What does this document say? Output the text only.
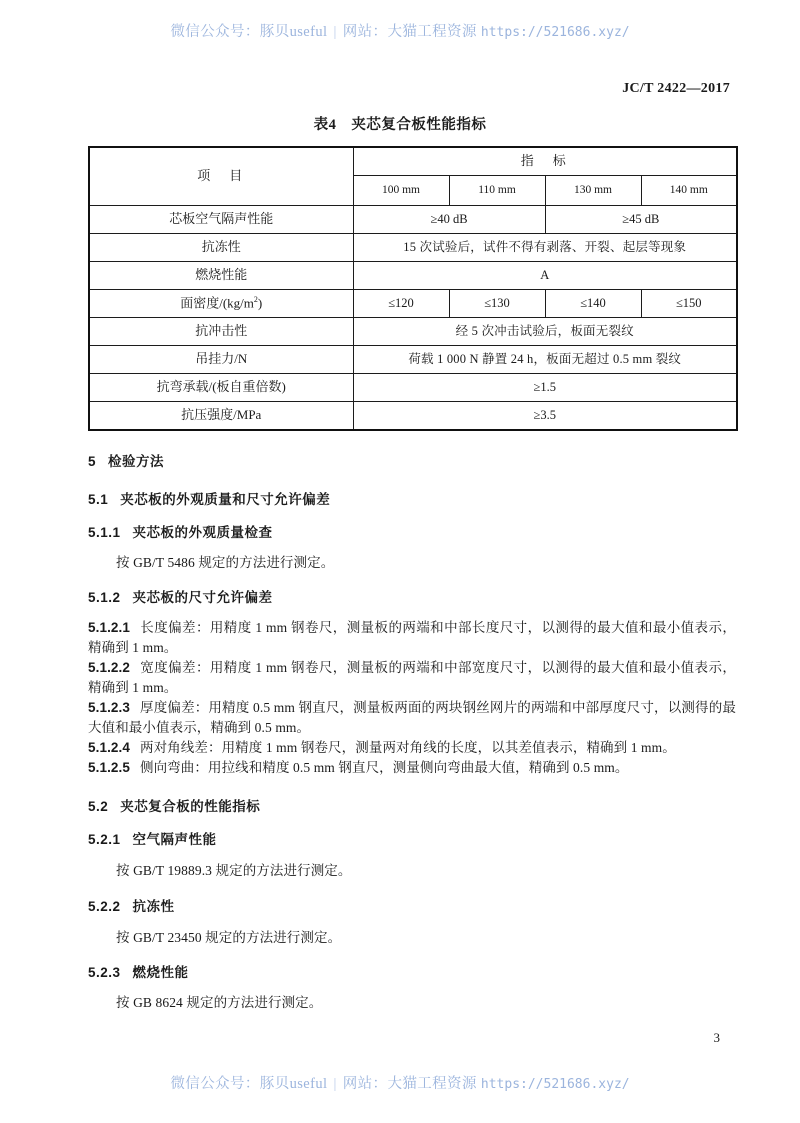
微信公众号：豚贝useful | 网站：大猫工程资源 https://521686.xyz/
JC/T 2422—2017
表4　夹芯复合板性能指标
项　目	指　标			
	100 mm	110 mm	130 mm	140 mm
芯板空气隔声性能	≥40 dB		≥45 dB	
抗冻性	15 次试验后，试件不得有剥落、开裂、起层等现象			
燃烧性能	A			
面密度$/(kg/m^2)$	≤120	≤130	≤140	≤150
抗冲击性	经 5 次冲击试验后，板面无裂纹			
吊挂力/N	荷载 1 000 N 静置 24 h，板面无超过 0.5 mm 裂纹			
抗弯承载/(板自重倍数)	≥1.5			
抗压强度/MPa	≥3.5			
5 检验方法
5.1 夹芯板的外观质量和尺寸允许偏差
5.1.1 夹芯板的外观质量检查
按 GB/T 5486 规定的方法进行测定。
5.1.2 夹芯板的尺寸允许偏差
5.1.2.1 长度偏差：用精度 1 mm 钢卷尺，测量板的两端和中部长度尺寸，以测得的最大值和最小值表示，精确到 1 mm。
5.1.2.2 宽度偏差：用精度 1 mm 钢卷尺，测量板的两端和中部宽度尺寸，以测得的最大值和最小值表示，精确到 1 mm。
5.1.2.3 厚度偏差：用精度 0.5 mm 钢直尺，测量板两面的两块钢丝网片的两端和中部厚度尺寸，以测得的最大值和最小值表示，精确到 0.5 mm。
5.1.2.4 两对角线差：用精度 1 mm 钢卷尺，测量两对角线的长度，以其差值表示，精确到 1 mm。
5.1.2.5 侧向弯曲：用拉线和精度 0.5 mm 钢直尺，测量侧向弯曲最大值，精确到 0.5 mm。
5.2 夹芯复合板的性能指标
5.2.1 空气隔声性能
按 GB/T 19889.3 规定的方法进行测定。
5.2.2 抗冻性
按 GB/T 23450 规定的方法进行测定。
5.2.3 燃烧性能
按 GB 8624 规定的方法进行测定。
3
微信公众号：豚贝useful | 网站：大猫工程资源 https://521686.xyz/
